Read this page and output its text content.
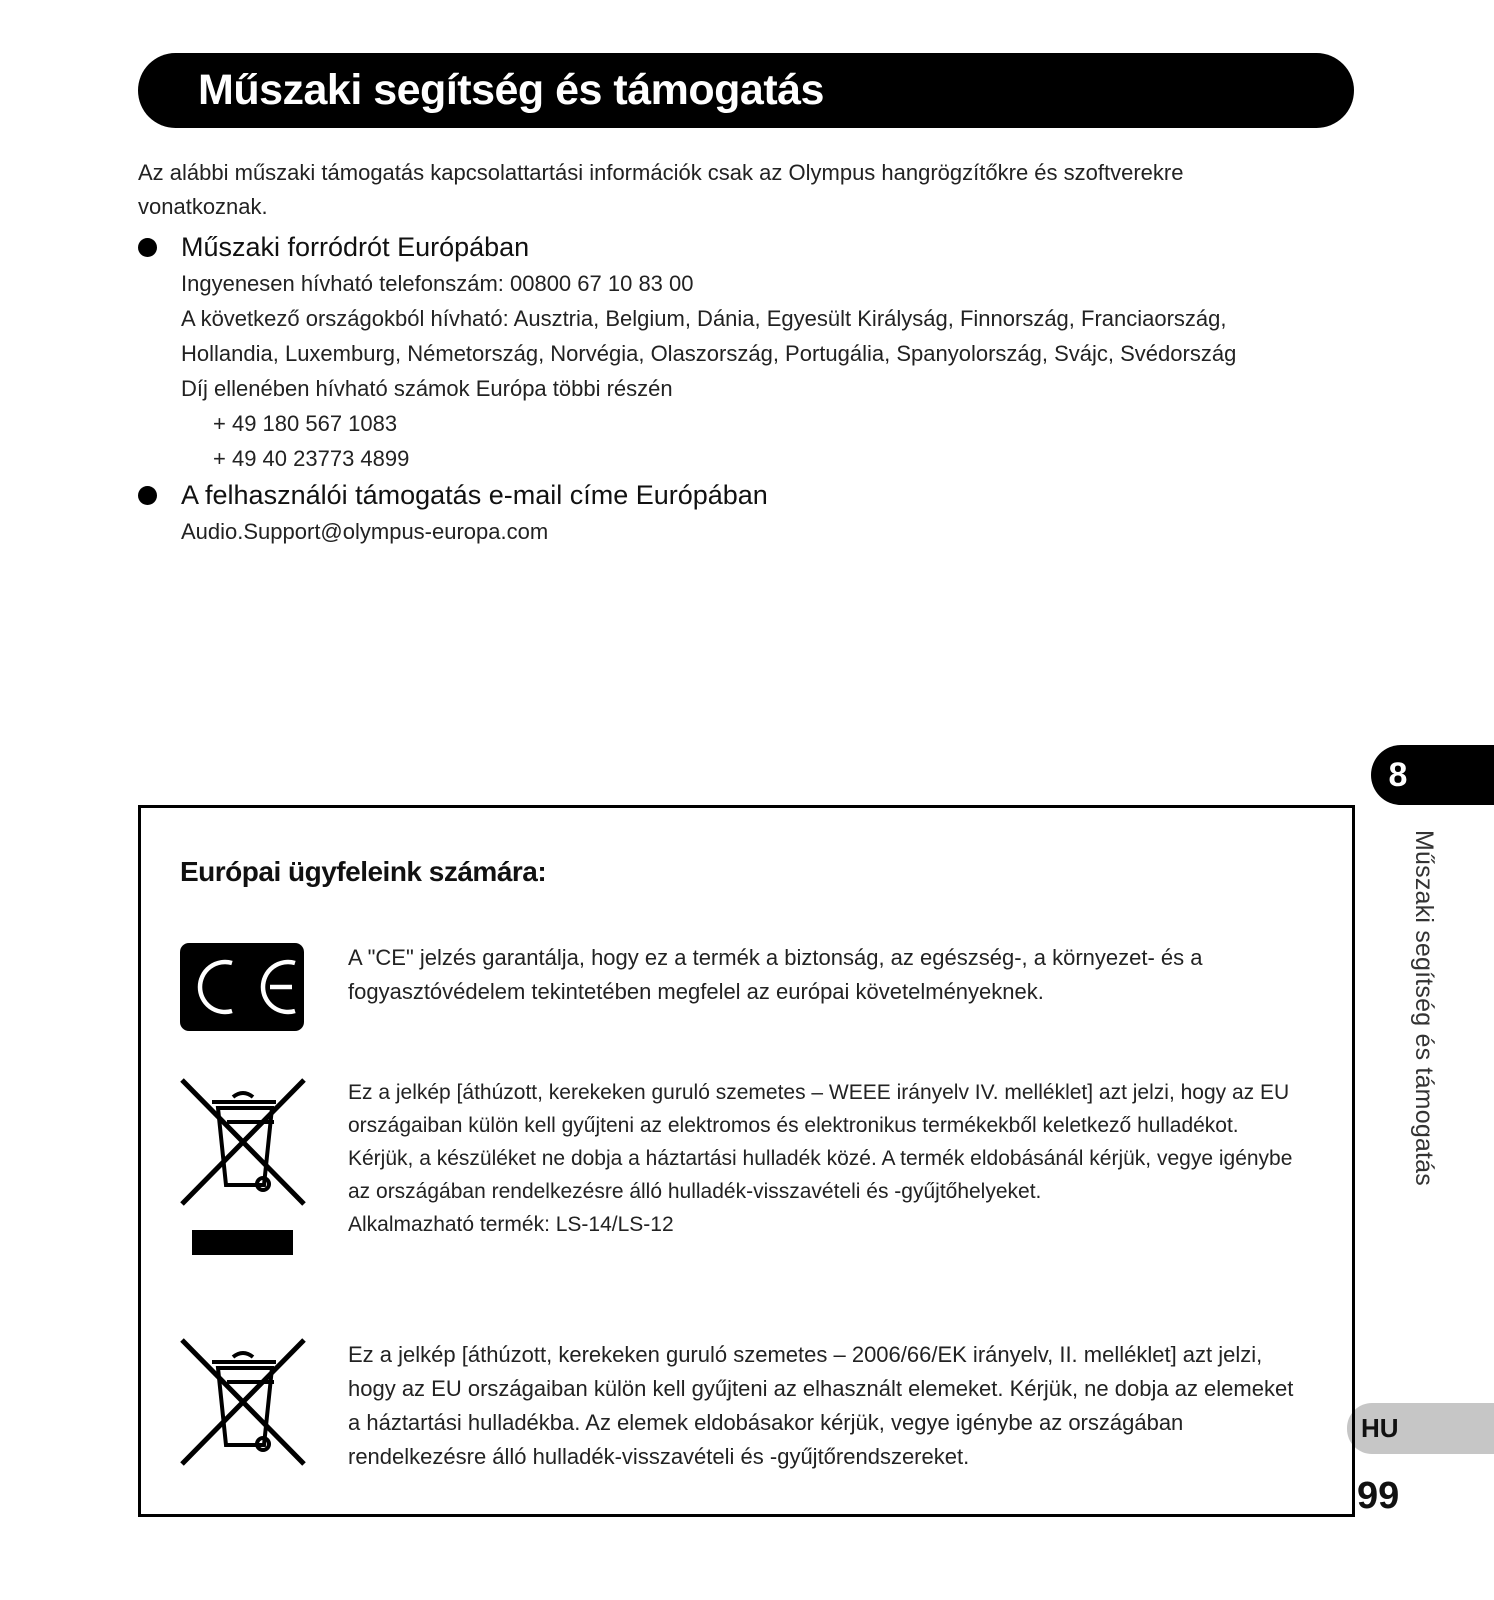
Műszaki segítség és támogatás
Az alábbi műszaki támogatás kapcsolattartási információk csak az Olympus hangrögzítőkre és szoftverekre vonatkoznak.
Műszaki forródrót Európában
Ingyenesen hívható telefonszám: 00800 67 10 83 00
A következő országokból hívható: Ausztria, Belgium, Dánia, Egyesült Királyság, Finnország, Franciaország,
Hollandia, Luxemburg, Németország, Norvégia, Olaszország, Portugália, Spanyolország, Svájc, Svédország
Díj ellenében hívható számok Európa többi részén
+ 49 180 567 1083
+ 49 40 23773 4899
A felhasználói támogatás e-mail címe Európában
Audio.Support@olympus-europa.com
8
Műszaki segítség és támogatás
HU
99
Európai ügyfeleink számára:
A "CE" jelzés garantálja, hogy ez a termék a biztonság, az egészség-, a környezet- és a fogyasztóvédelem tekintetében megfelel az európai követelményeknek.
Ez a jelkép [áthúzott, kerekeken guruló szemetes – WEEE irányelv IV. melléklet] azt jelzi, hogy az EU országaiban külön kell gyűjteni az elektromos és elektronikus termékekből keletkező hulladékot. Kérjük, a készüléket ne dobja a háztartási hulladék közé. A termék eldobásánál kérjük, vegye igénybe az országában rendelkezésre álló hulladék-visszavételi és -gyűjtőhelyeket.
Alkalmazható termék: LS-14/LS-12
Ez a jelkép [áthúzott, kerekeken guruló szemetes – 2006/66/EK irányelv, II. melléklet] azt jelzi, hogy az EU országaiban külön kell gyűjteni az elhasznált elemeket. Kérjük, ne dobja az elemeket a háztartási hulladékba. Az elemek eldobásakor kérjük, vegye igénybe az országában rendelkezésre álló hulladék-visszavételi és -gyűjtőrendszereket.
